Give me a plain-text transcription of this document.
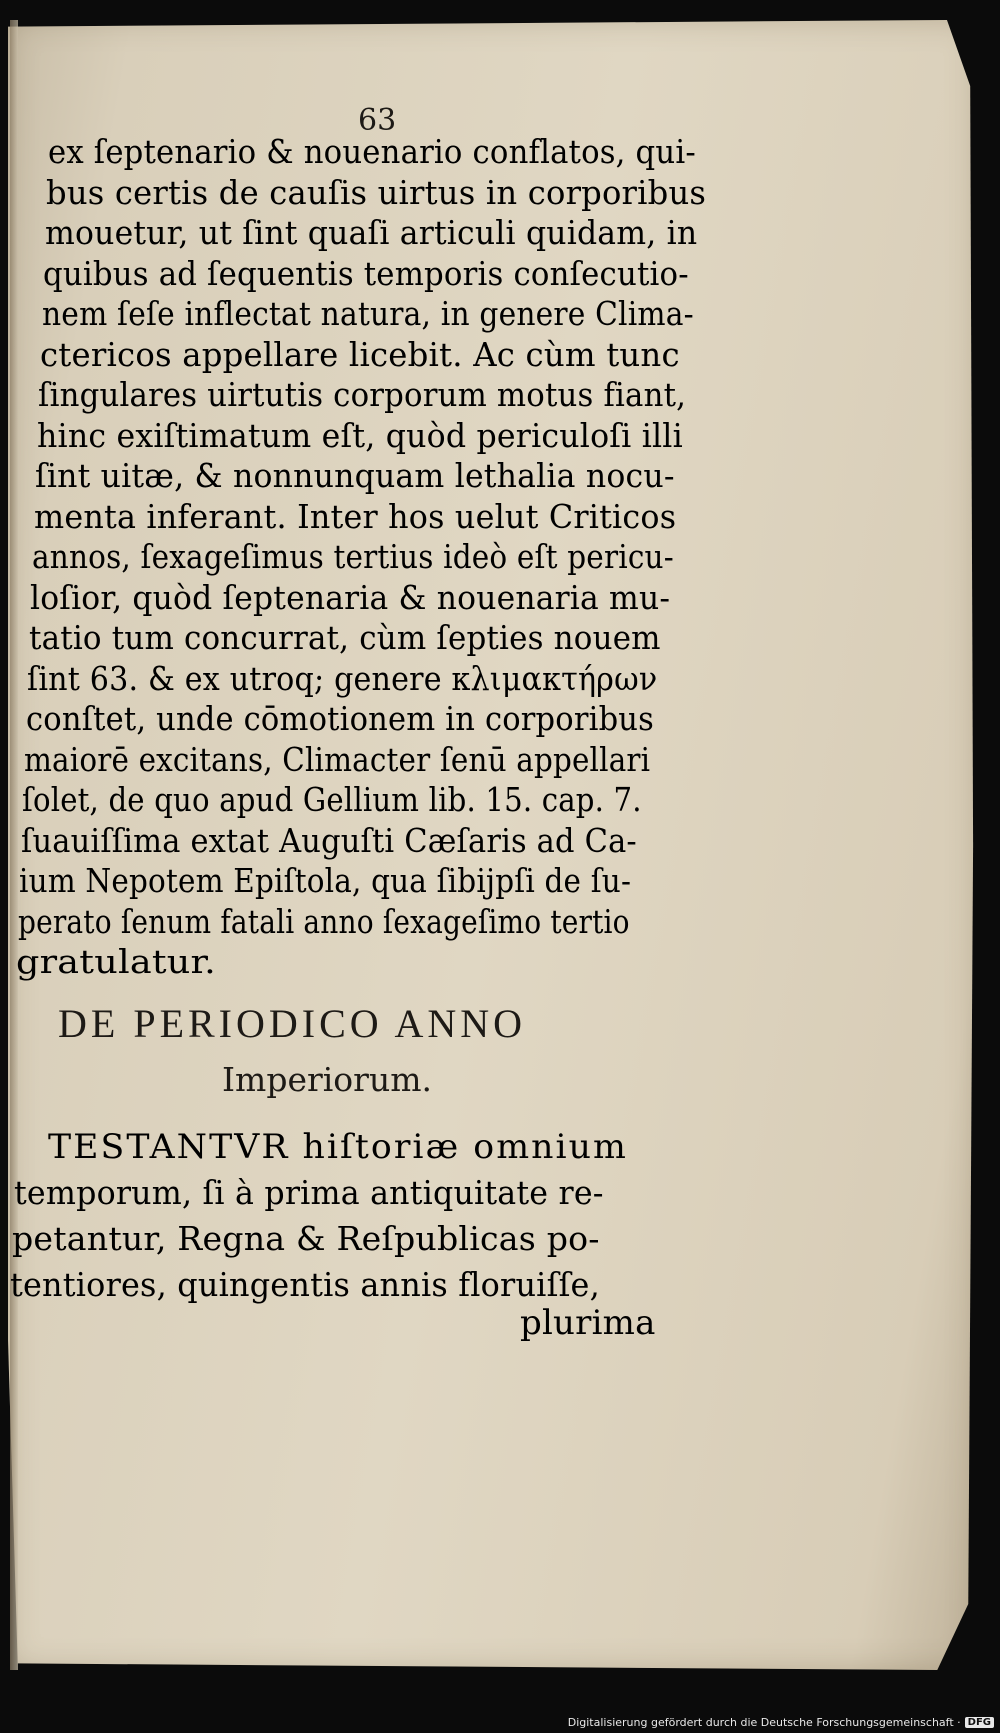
63
ex ſeptenario & nouenario conflatos, qui-
bus certis de cauſis uirtus in corporibus
mouetur, ut ſint quaſi articuli quidam, in
quibus ad ſequentis temporis conſecutio-
nem ſeſe inflectat natura, in genere Clima-
ctericos appellare licebit. Ac cùm tunc
ſingulares uirtutis corporum motus fiant,
hinc exiſtimatum eſt, quòd periculoſi illi
ſint uitæ, & nonnunquam lethalia nocu-
menta inferant. Inter hos uelut Criticos
annos, ſexageſimus tertius ideò eſt pericu-
loſior, quòd ſeptenaria & nouenaria mu-
tatio tum concurrat, cùm ſepties nouem
ſint 63. & ex utroq; genere κλιμακτήρων
conſtet, unde cōmotionem in corporibus
maiorē excitans, Climacter ſenū appellari
ſolet, de quo apud Gellium lib. 15. cap. 7.
ſuauiſſima extat Auguſti Cæſaris ad Ca-
ium Nepotem Epiſtola, qua ſibijpſi de ſu-
perato ſenum fatali anno ſexageſimo tertio
gratulatur.
DE PERIODICO ANNO
Imperiorum.
TESTANTVR hiſtoriæ omnium
temporum, ſi à prima antiquitate re-
petantur, Regna & Reſpublicas po-
tentiores, quingentis annis floruiſſe,
plurima
Digitalisierung gefördert durch die Deutsche Forschungsgemeinschaft · DFG
